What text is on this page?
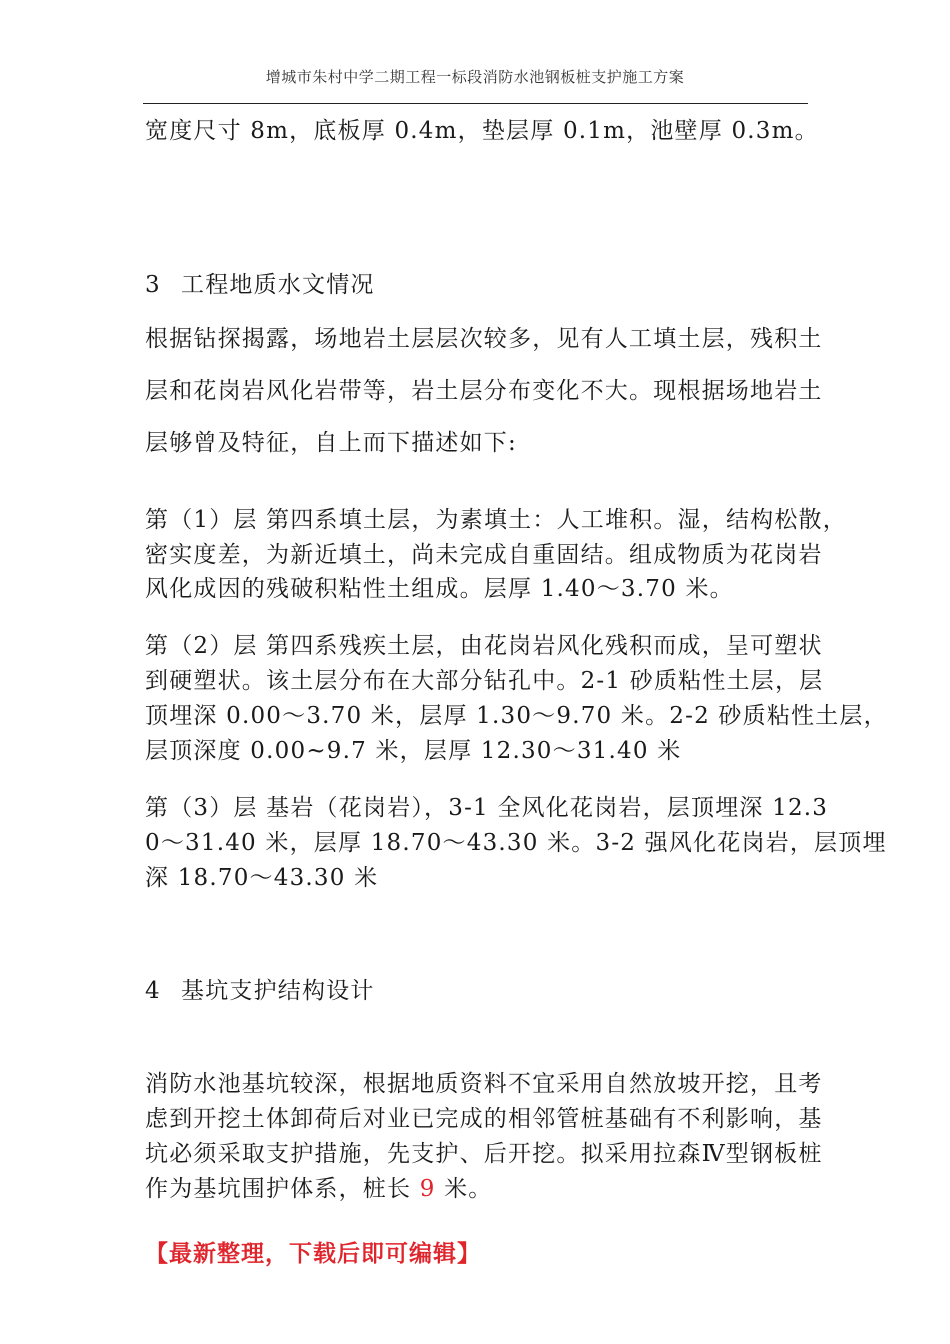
增城市朱村中学二期工程一标段消防水池钢板桩支护施工方案
宽度尺寸 8m，底板厚 0.4m，垫层厚 0.1m，池壁厚 0.3m。
3 工程地质水文情况
根据钻探揭露，场地岩土层层次较多，见有人工填土层，残积土
层和花岗岩风化岩带等，岩土层分布变化不大。现根据场地岩土
层够曾及特征，自上而下描述如下:
第（1）层 第四系填土层，为素填土：人工堆积。湿，结构松散，
密实度差，为新近填土，尚未完成自重固结。组成物质为花岗岩
风化成因的残破积粘性土组成。层厚 1.40～3.70 米。
第（2）层 第四系残疾土层，由花岗岩风化残积而成，呈可塑状
到硬塑状。该土层分布在大部分钻孔中。2-1 砂质粘性土层，层
顶埋深 0.00～3.70 米，层厚 1.30～9.70 米。2-2 砂质粘性土层，
层顶深度 0.00~9.7 米，层厚 12.30～31.40 米
第（3）层 基岩（花岗岩），3-1 全风化花岗岩，层顶埋深 12.3
0～31.40 米，层厚 18.70～43.30 米。3-2 强风化花岗岩，层顶埋
深 18.70～43.30 米
4 基坑支护结构设计
消防水池基坑较深，根据地质资料不宜采用自然放坡开挖，且考
虑到开挖土体卸荷后对业已完成的相邻管桩基础有不利影响，基
坑必须采取支护措施，先支护、后开挖。拟采用拉森Ⅳ型钢板桩
作为基坑围护体系，桩长 9 米。
【最新整理，下载后即可编辑】
